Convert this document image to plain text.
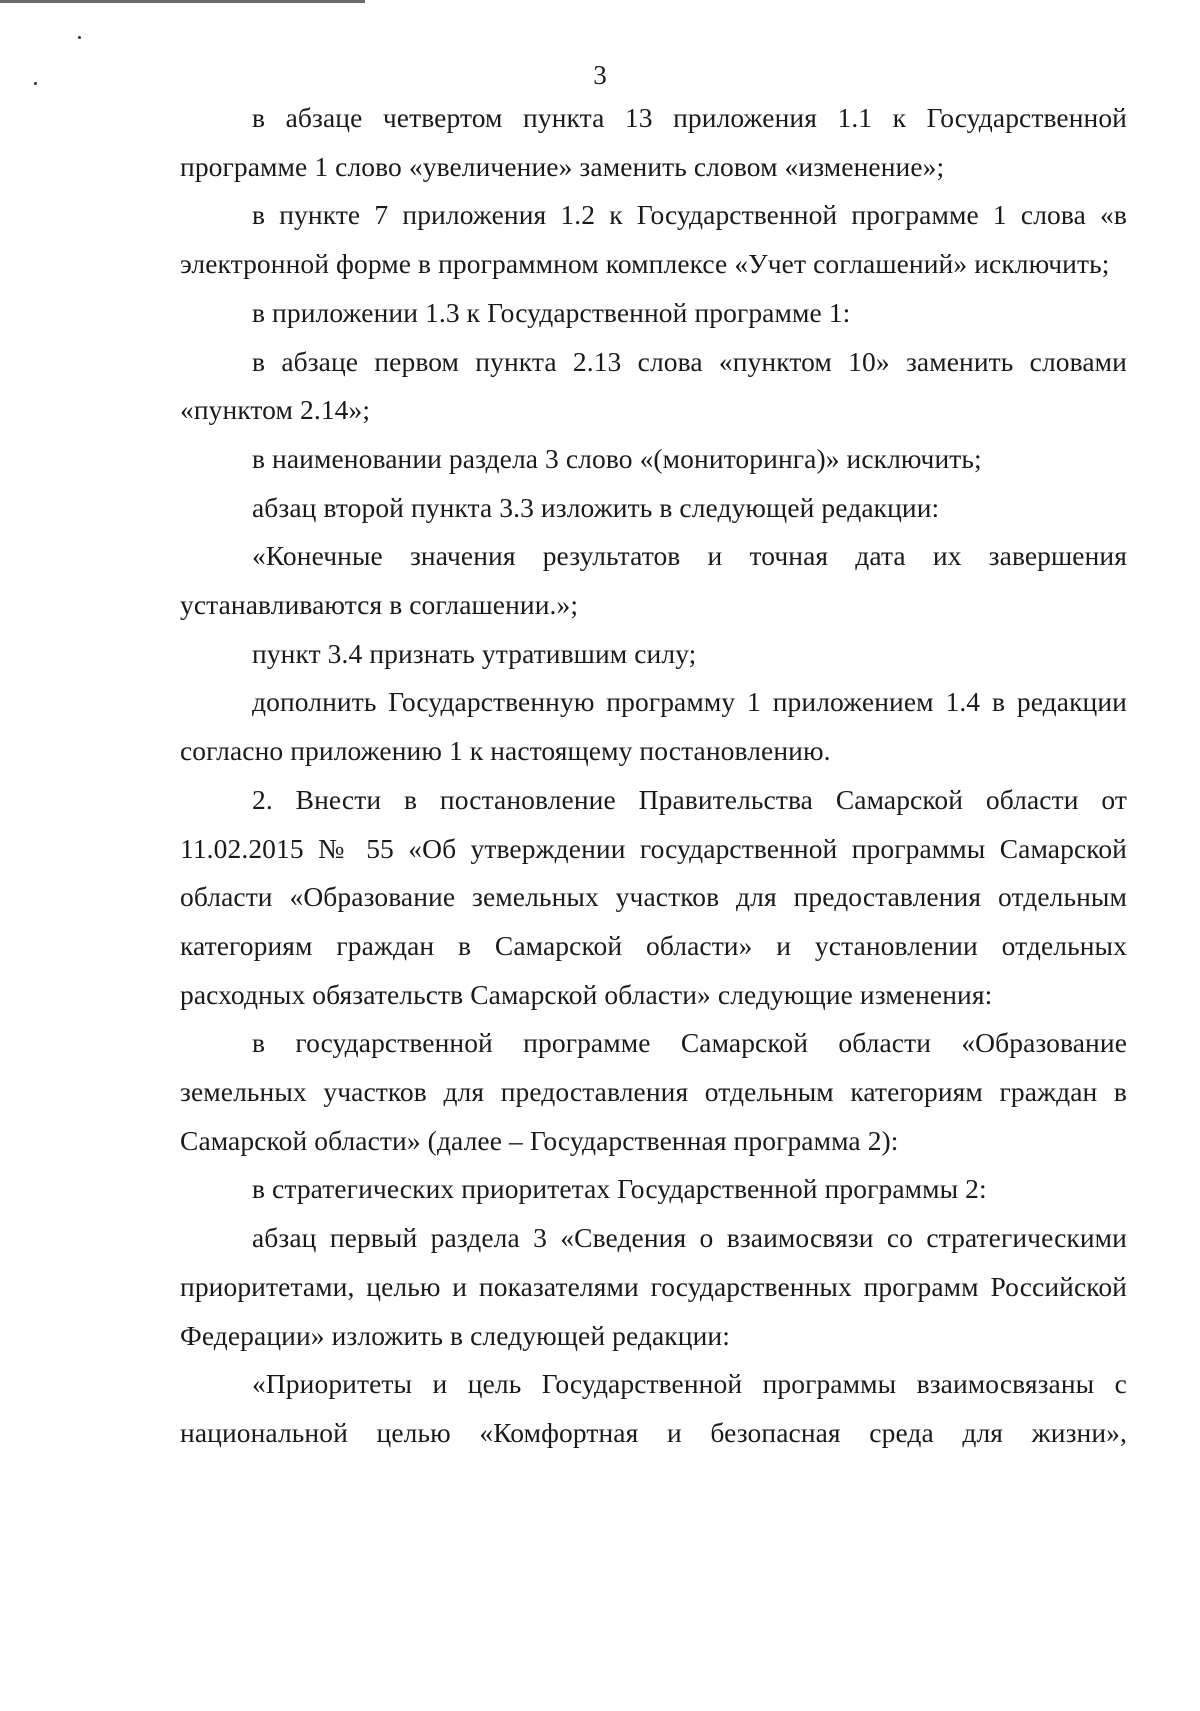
3

в абзаце четвертом пункта 13 приложения 1.1 к Государственной программе 1 слово «увеличение» заменить словом «изменение»;

в пункте 7 приложения 1.2 к Государственной программе 1 слова «в электронной форме в программном комплексе «Учет соглашений» исключить;

в приложении 1.3 к Государственной программе 1:

в абзаце первом пункта 2.13 слова «пунктом 10» заменить словами «пунктом 2.14»;

в наименовании раздела 3 слово «(мониторинга)» исключить;

абзац второй пункта 3.3 изложить в следующей редакции:

«Конечные значения результатов и точная дата их завершения устанавливаются в соглашении.»;

пункт 3.4 признать утратившим силу;

дополнить Государственную программу 1 приложением 1.4 в редакции согласно приложению 1 к настоящему постановлению.

2. Внести в постановление Правительства Самарской области от 11.02.2015 № 55 «Об утверждении государственной программы Самарской области «Образование земельных участков для предоставления отдельным категориям граждан в Самарской области» и установлении отдельных расходных обязательств Самарской области» следующие изменения:

в государственной программе Самарской области «Образование земельных участков для предоставления отдельным категориям граждан в Самарской области» (далее – Государственная программа 2):

в стратегических приоритетах Государственной программы 2:

абзац первый раздела 3 «Сведения о взаимосвязи со стратегическими приоритетами, целью и показателями государственных программ Российской Федерации» изложить в следующей редакции:

«Приоритеты и цель Государственной программы взаимосвязаны с национальной целью «Комфортная и безопасная среда для жизни»,
